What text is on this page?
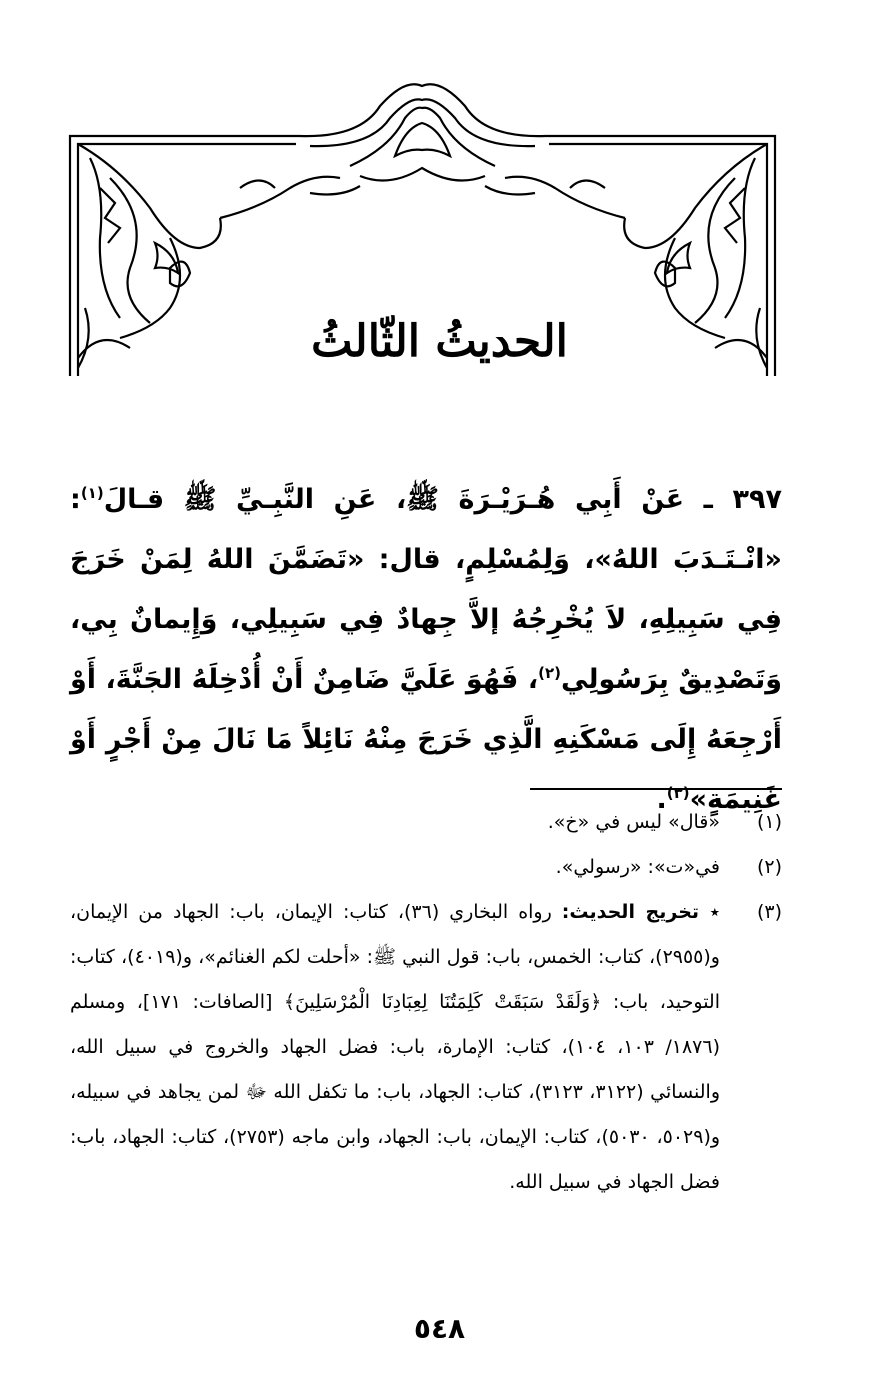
الحديثُ الثّالثُ
٣٩٧ ـ عَنْ أَبِي هُـرَيْـرَةَ ﷺ، عَنِ النَّبِـيِّ ﷺ قـالَ$^{(١)}$: «انْـتَـدَبَ اللهُ»، وَلِمُسْلِمٍ، قال: «تَضَمَّنَ اللهُ لِمَنْ خَرَجَ فِي سَبِيلِهِ، لاَ يُخْرِجُهُ إلاَّ جِهادٌ فِي سَبِيلِي، وَإِيمانٌ بِي، وَتَصْدِيقٌ بِرَسُولِي$^{(٢)}$، فَهُوَ عَلَيَّ ضَامِنٌ أَنْ أُدْخِلَهُ الجَنَّةَ، أَوْ أَرْجِعَهُ إِلَى مَسْكَنِهِ الَّذِي خَرَجَ مِنْهُ نَائِلاً مَا نَالَ مِنْ أَجْرٍ أَوْ غَنِيمَةٍ»$^{(٣)}$.
(١)
«قال» ليس في «خ».
(٢)
في«ت»: «رسولي».
(٣)
٭ تخريج الحديث: رواه البخاري (٣٦)، كتاب: الإيمان، باب: الجهاد من الإيمان، و(٢٩٥٥)، كتاب: الخمس، باب: قول النبي ﷺ: «أحلت لكم الغنائم»، و(٤٠١٩)، كتاب: التوحيد، باب: ﴿وَلَقَدْ سَبَقَتْ كَلِمَتُنَا لِعِبَادِنَا الْمُرْسَلِينَ﴾ [الصافات: ١٧١]، ومسلم (١٨٧٦/ ١٠٣، ١٠٤)، كتاب: الإمارة، باب: فضل الجهاد والخروج في سبيل الله، والنسائي (٣١٢٢، ٣١٢٣)، كتاب: الجهاد، باب: ما تكفل الله ﷻ لمن يجاهد في سبيله، و(٥٠٢٩، ٥٠٣٠)، كتاب: الإيمان، باب: الجهاد، وابن ماجه (٢٧٥٣)، كتاب: الجهاد، باب: فضل الجهاد في سبيل الله.
٥٤٨
